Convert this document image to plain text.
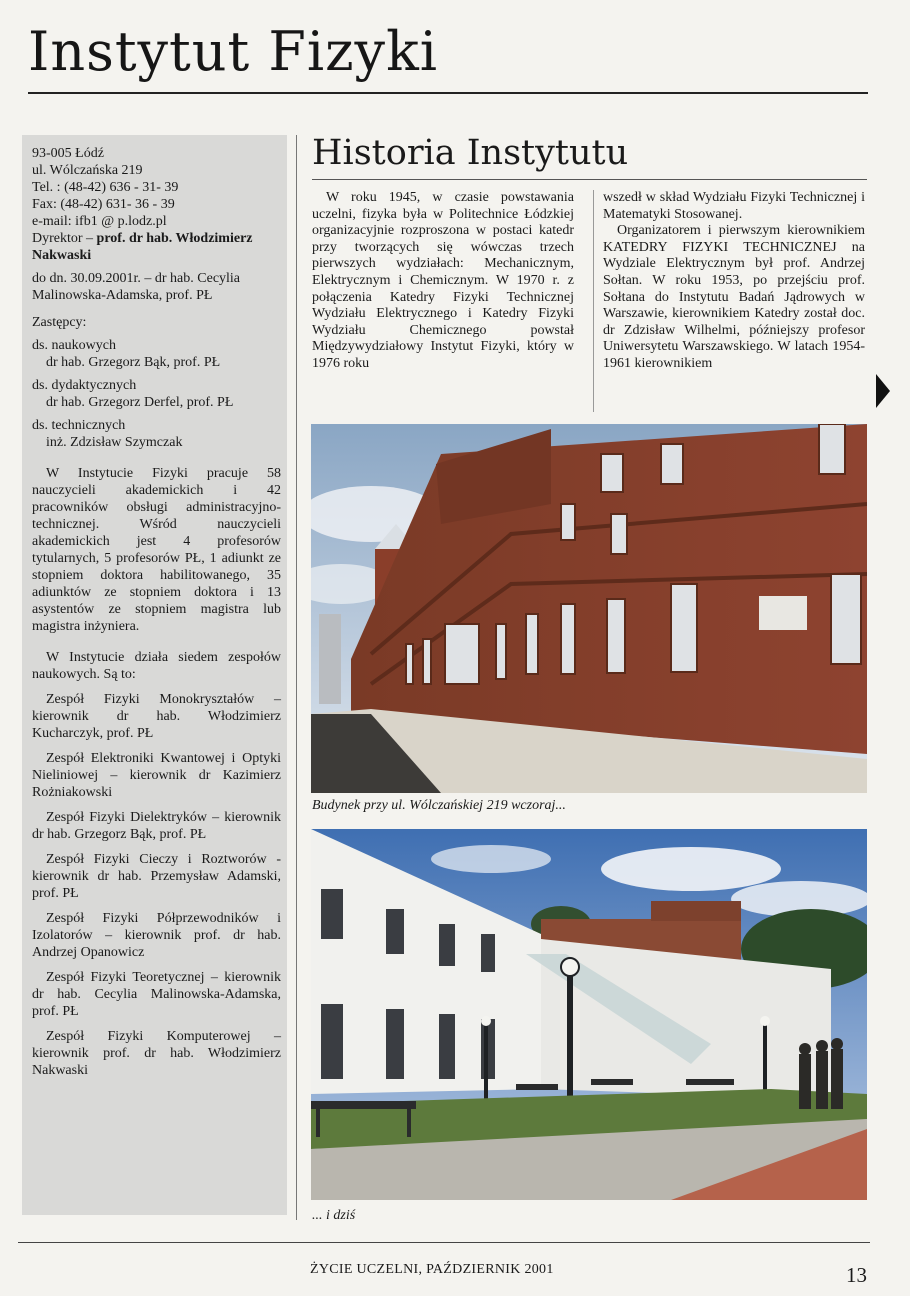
Instytut Fizyki

93-005 Łódź
ul. Wólczańska 219
Tel. : (48-42) 636 - 31- 39
Fax: (48-42) 631- 36 - 39
e-mail: ifb1 @ p.lodz.pl

Dyrektor – prof. dr hab. Włodzimierz Nakwaski

do dn. 30.09.2001r. – dr hab. Cecylia Malinowska-Adamska, prof. PŁ

Zastępcy:

ds. naukowych

dr hab. Grzegorz Bąk, prof. PŁ

ds. dydaktycznych

dr hab. Grzegorz Derfel, prof. PŁ

ds. technicznych

inż. Zdzisław Szymczak

W Instytucie Fizyki pracuje 58 nauczycieli akademickich i 42 pracowników obsługi administracyjno-technicznej. Wśród nauczycieli akademickich jest 4 profesorów tytularnych, 5 profesorów PŁ, 1 adiunkt ze stopniem doktora habilitowanego, 35 adiunktów ze stopniem doktora i 13 asystentów ze stopniem magistra lub magistra inżyniera.

W Instytucie działa siedem zespołów naukowych. Są to:

Zespół Fizyki Monokryształów – kierownik dr hab. Włodzimierz Kucharczyk, prof. PŁ

Zespół Elektroniki Kwantowej i Optyki Nieliniowej – kierownik dr Kazimierz Rożniakowski

Zespół Fizyki Dielektryków – kierownik dr hab. Grzegorz Bąk, prof. PŁ

Zespół Fizyki Cieczy i Roztworów - kierownik dr hab. Przemysław Adamski, prof. PŁ

Zespół Fizyki Półprzewodników i Izolatorów – kierownik prof. dr hab. Andrzej Opanowicz

Zespół Fizyki Teoretycznej – kierownik dr hab. Cecylia Malinowska-Adamska, prof. PŁ

Zespół Fizyki Komputerowej – kierownik prof. dr hab. Włodzimierz Nakwaski

Historia Instytutu

W roku 1945, w czasie powstawania uczelni, fizyka była w Politechnice Łódzkiej organizacyjnie rozproszona w postaci katedr przy tworzących się wówczas trzech pierwszych wydziałach: Mechanicznym, Elektrycznym i Chemicznym. W 1970 r. z połączenia Katedry Fizyki Technicznej Wydziału Elektrycznego i Katedry Fizyki Wydziału Chemicznego powstał Międzywydziałowy Instytut Fizyki, który w 1976 roku

wszedł w skład Wydziału Fizyki Technicznej i Matematyki Stosowanej.

Organizatorem i pierwszym kierownikiem KATEDRY FIZYKI TECHNICZNEJ na Wydziale Elektrycznym był prof. Andrzej Sołtan. W roku 1953, po przejściu prof. Sołtana do Instytutu Badań Jądrowych w Warszawie, kierownikiem Katedry został doc. dr Zdzisław Wilhelmi, późniejszy profesor Uniwersytetu Warszawskiego. W latach 1954-1961 kierownikiem

Budynek przy ul. Wólczańskiej 219 wczoraj...
... i dziś
ŻYCIE UCZELNI, PAŹDZIERNIK 2001	13
